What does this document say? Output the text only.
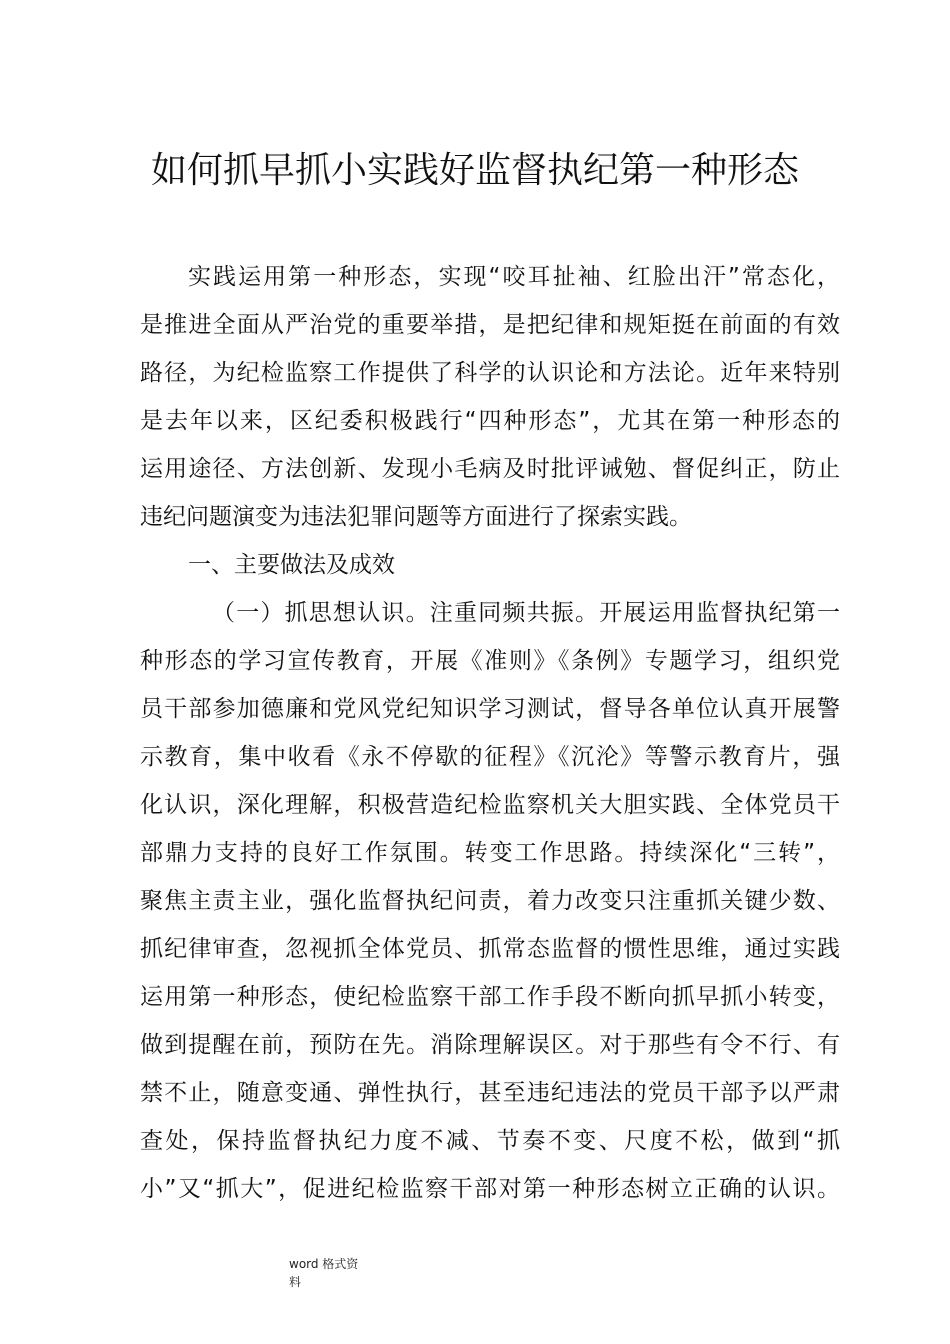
如何抓早抓小实践好监督执纪第一种形态

实践运用第一种形态，实现“咬耳扯袖、红脸出汗”常态化，

是推进全面从严治党的重要举措，是把纪律和规矩挺在前面的有效

路径，为纪检监察工作提供了科学的认识论和方法论。近年来特别

是去年以来，区纪委积极践行“四种形态”，尤其在第一种形态的

运用途径、方法创新、发现小毛病及时批评诫勉、督促纠正，防止

违纪问题演变为违法犯罪问题等方面进行了探索实践。

一、主要做法及成效

（一）抓思想认识。注重同频共振。开展运用监督执纪第一

种形态的学习宣传教育，开展《准则》《条例》专题学习，组织党

员干部参加德廉和党风党纪知识学习测试，督导各单位认真开展警

示教育，集中收看《永不停歇的征程》《沉沦》等警示教育片，强

化认识，深化理解，积极营造纪检监察机关大胆实践、全体党员干

部鼎力支持的良好工作氛围。转变工作思路。持续深化“三转”，

聚焦主责主业，强化监督执纪问责，着力改变只注重抓关键少数、

抓纪律审查，忽视抓全体党员、抓常态监督的惯性思维，通过实践

运用第一种形态，使纪检监察干部工作手段不断向抓早抓小转变，

做到提醒在前，预防在先。消除理解误区。对于那些有令不行、有

禁不止，随意变通、弹性执行，甚至违纪违法的党员干部予以严肃

查处，保持监督执纪力度不减、节奏不变、尺度不松，做到“抓

小”又“抓大”，促进纪检监察干部对第一种形态树立正确的认识。

word 格式资
料
